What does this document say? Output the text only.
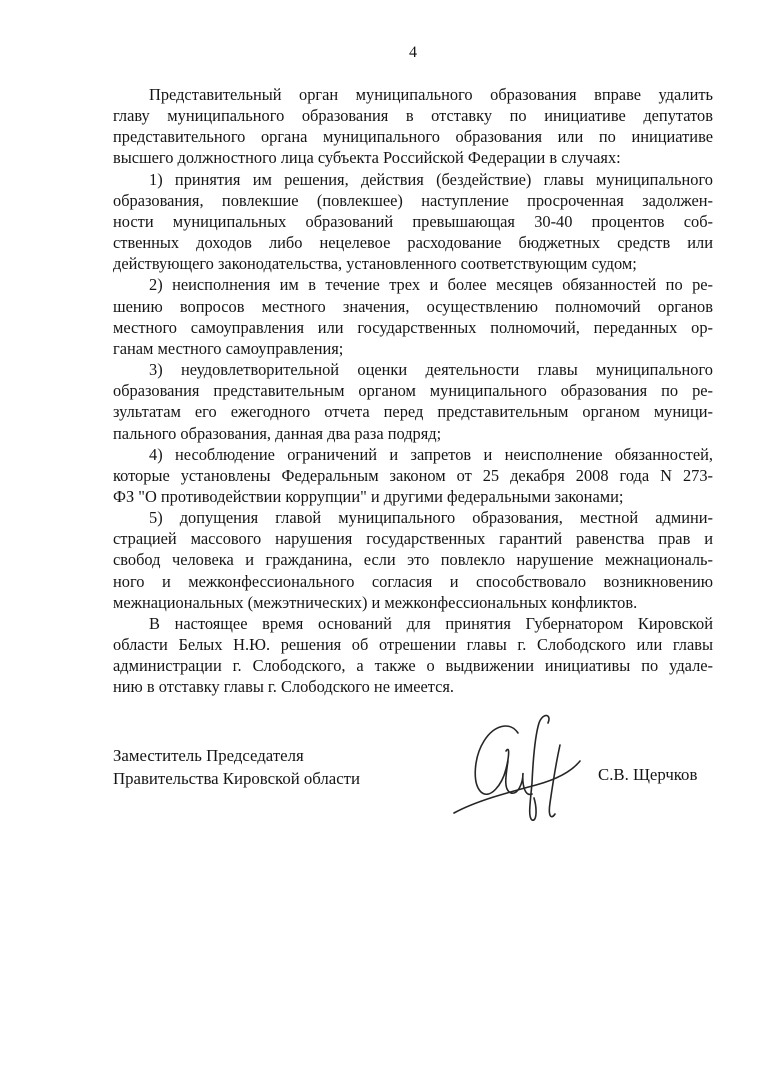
4
Представительный орган муниципального образования вправе удалить
главу муниципального образования в отставку по инициативе депутатов
представительного органа муниципального образования или по инициативе
высшего должностного лица субъекта Российской Федерации в случаях:
1) принятия им решения, действия (бездействие) главы муниципального
образования, повлекшие (повлекшее) наступление просроченная задолжен-
ности муниципальных образований превышающая 30-40 процентов соб-
ственных доходов либо нецелевое расходование бюджетных средств или
действующего законодательства, установленного соответствующим судом;
2) неисполнения им в течение трех и более месяцев обязанностей по ре-
шению вопросов местного значения, осуществлению полномочий органов
местного самоуправления или государственных полномочий, переданных ор-
ганам местного самоуправления;
3) неудовлетворительной оценки деятельности главы муниципального
образования представительным органом муниципального образования по ре-
зультатам его ежегодного отчета перед представительным органом муници-
пального образования, данная два раза подряд;
4) несоблюдение ограничений и запретов и неисполнение обязанностей,
которые установлены Федеральным законом от 25 декабря 2008 года N 273-
ФЗ "О противодействии коррупции" и другими федеральными законами;
5) допущения главой муниципального образования, местной админи-
страцией массового нарушения государственных гарантий равенства прав и
свобод человека и гражданина, если это повлекло нарушение межнациональ-
ного и межконфессионального согласия и способствовало возникновению
межнациональных (межэтнических) и межконфессиональных конфликтов.
В настоящее время оснований для принятия Губернатором Кировской
области Белых Н.Ю. решения об отрешении главы г. Слободского или главы
администрации г. Слободского, а также о выдвижении инициативы по удале-
нию в отставку главы г. Слободского не имеется.
Заместитель Председателя
Правительства Кировской области	С.В. Щерчков
